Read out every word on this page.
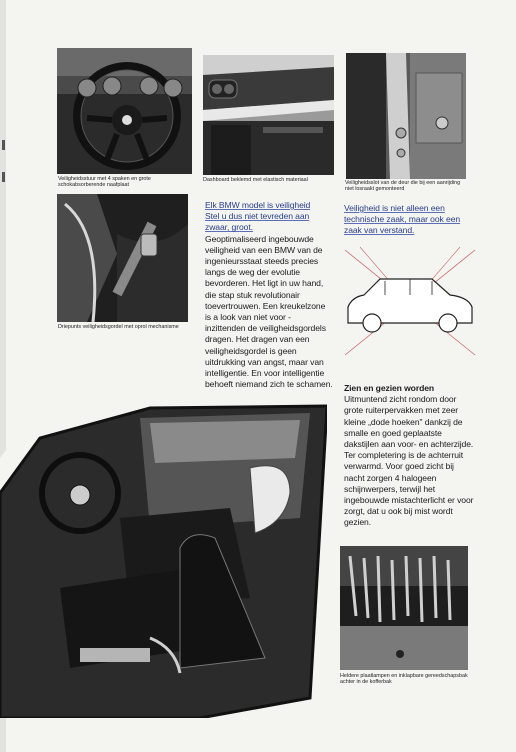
Veiligheidsstuur met 4 spaken en grote schokabsorberende naafplaat
Dashboard beklemd met elastisch materiaal	Veiligheidsslot van de deur die bij een aanrijding niet losraakt gemonteerd
Driepunts veiligheidsgordel met oprol mechanisme

Elk BMW model is veiligheid

Stel u dus niet tevreden aan

zwaar, groot.

Geoptimaliseerd ingebouwde veiligheid van een BMW van de ingenieursstaat steeds precies langs de weg der evolutie bevorderen. Het ligt in uw hand, die stap stuk revolutionair toevertrouwen. Een kreukelzone is a look van niet voor - inzittenden de veiligheidsgordels dragen. Het dragen van een veiligheidsgordel is geen uitdrukking van angst, maar van intelligentie. En voor intelligentie behoeft niemand zich te schamen.

Veiligheid is niet alleen een technische zaak, maar ook een zaak van verstand.

Zien en gezien worden

Uitmuntend zicht rondom door grote ruiterpervakken met zeer kleine „dode hoeken" dankzij de smalle en goed geplaatste dakstijlen aan voor- en achterzijde. Ter completering is de achterruit verwarmd. Voor goed zicht bij nacht zorgen 4 halogeen schijnwerpers, terwijl het ingebouwde mistachterlicht er voor zorgt, dat u ook bij mist wordt gezien.

Heldere plaatlampen en inklapbare gereedschapsbak achter in de kofferbak
